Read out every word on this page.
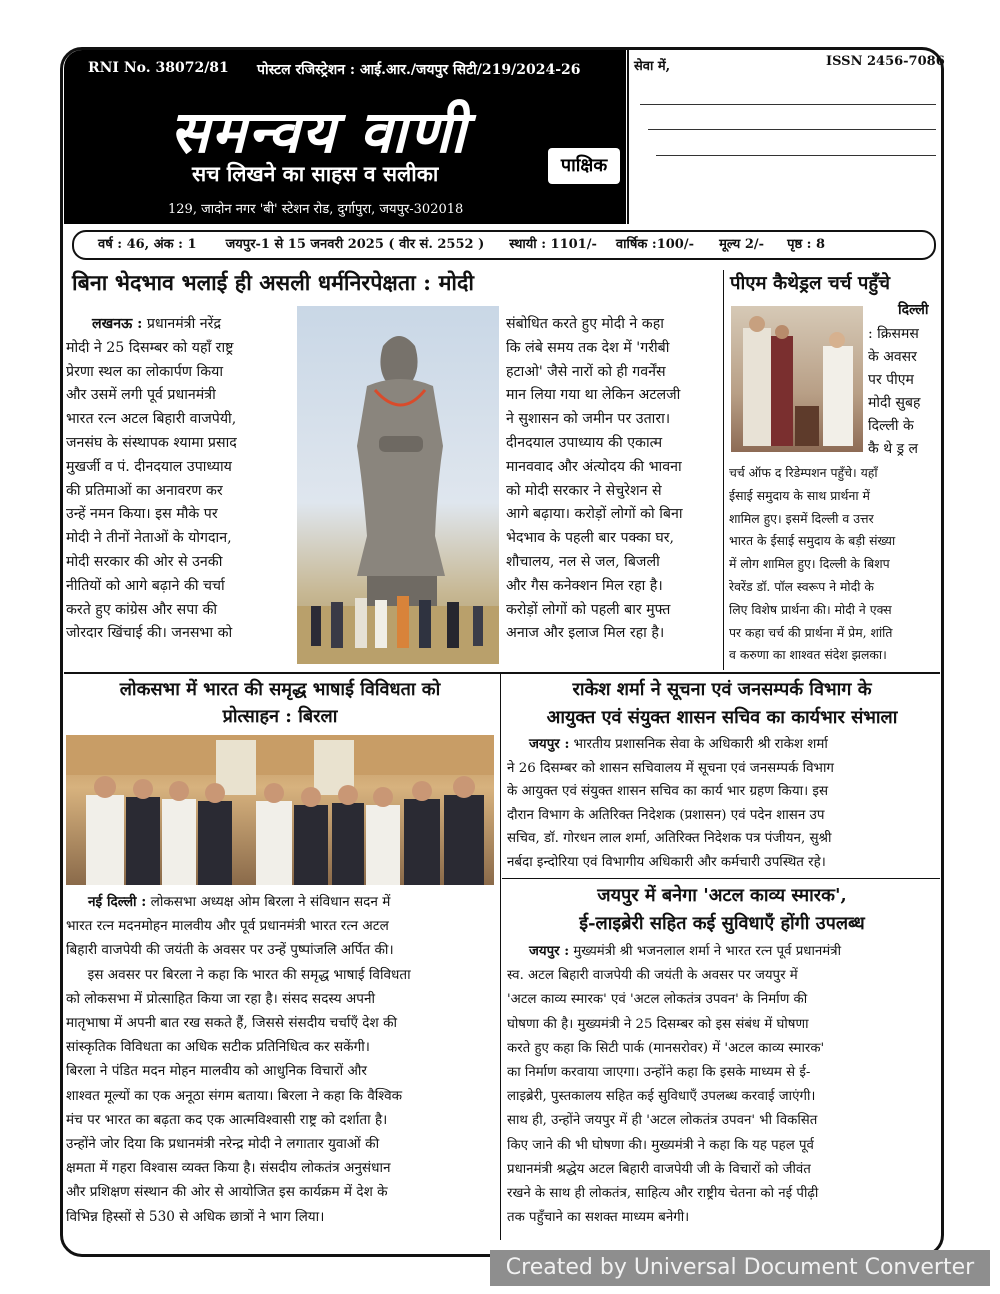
RNI No. 38072/81 पोस्टल रजिस्ट्रेशन : आई.आर./जयपुर सिटी/219/2024-26
समन्वय वाणी
सच लिखने का साहस व सलीका
129, जादोन नगर 'बी' स्टेशन रोड, दुर्गापुरा, जयपुर-302018
पाक्षिक
सेवा में,	ISSN 2456-7086
वर्ष : 46, अंक : 1 जयपुर-1 से 15 जनवरी 2025 ( वीर सं. 2552 ) स्थायी : 1101/- वार्षिक :100/- मूल्य 2/- पृष्ठ : 8
बिना भेदभाव भलाई ही असली धर्मनिरपेक्षता : मोदी
लखनऊ : प्रधानमंत्री नरेंद्र
मोदी ने 25 दिसम्बर को यहाँ राष्ट्र
प्रेरणा स्थल का लोकार्पण किया
और उसमें लगी पूर्व प्रधानमंत्री
भारत रत्न अटल बिहारी वाजपेयी,
जनसंघ के संस्थापक श्यामा प्रसाद
मुखर्जी व पं. दीनदयाल उपाध्याय
की प्रतिमाओं का अनावरण कर
उन्हें नमन किया। इस मौके पर
मोदी ने तीनों नेताओं के योगदान,
मोदी सरकार की ओर से उनकी
नीतियों को आगे बढ़ाने की चर्चा
करते हुए कांग्रेस और सपा की
जोरदार खिंचाई की। जनसभा को
संबोधित करते हुए मोदी ने कहा
कि लंबे समय तक देश में 'गरीबी
हटाओ' जैसे नारों को ही गवर्नेंस
मान लिया गया था लेकिन अटलजी
ने सुशासन को जमीन पर उतारा।
दीनदयाल उपाध्याय की एकात्म
मानववाद और अंत्योदय की भावना
को मोदी सरकार ने सेचुरेशन से
आगे बढ़ाया। करोड़ों लोगों को बिना
भेदभाव के पहली बार पक्का घर,
शौचालय, नल से जल, बिजली
और गैस कनेक्शन मिल रहा है।
करोड़ों लोगों को पहली बार मुफ्त
अनाज और इलाज मिल रहा है।
पीएम कैथेड्रल चर्च पहुँचे
दिल्ली
: क्रिसमस
के अवसर
पर पीएम
मोदी सुबह
दिल्ली के
कै थे ड्र ल
चर्च ऑफ द रिडेम्पशन पहुँचे। यहाँ
ईसाई समुदाय के साथ प्रार्थना में
शामिल हुए। इसमें दिल्ली व उत्तर
भारत के ईसाई समुदाय के बड़ी संख्या
में लोग शामिल हुए। दिल्ली के बिशप
रेवरेंड डॉ. पॉल स्वरूप ने मोदी के
लिए विशेष प्रार्थना की। मोदी ने एक्स
पर कहा चर्च की प्रार्थना में प्रेम, शांति
व करुणा का शाश्वत संदेश झलका।
लोकसभा में भारत की समृद्ध भाषाई विविधता को
प्रोत्साहन : बिरला
नई दिल्ली : लोकसभा अध्यक्ष ओम बिरला ने संविधान सदन में
भारत रत्न मदनमोहन मालवीय और पूर्व प्रधानमंत्री भारत रत्न अटल
बिहारी वाजपेयी की जयंती के अवसर पर उन्हें पुष्पांजलि अर्पित की।
इस अवसर पर बिरला ने कहा कि भारत की समृद्ध भाषाई विविधता
को लोकसभा में प्रोत्साहित किया जा रहा है। संसद सदस्य अपनी
मातृभाषा में अपनी बात रख सकते हैं, जिससे संसदीय चर्चाएँ देश की
सांस्कृतिक विविधता का अधिक सटीक प्रतिनिधित्व कर सकेंगी।
बिरला ने पंडित मदन मोहन मालवीय को आधुनिक विचारों और
शाश्वत मूल्यों का एक अनूठा संगम बताया। बिरला ने कहा कि वैश्विक
मंच पर भारत का बढ़ता कद एक आत्मविश्वासी राष्ट्र को दर्शाता है।
उन्होंने जोर दिया कि प्रधानमंत्री नरेन्द्र मोदी ने लगातार युवाओं की
क्षमता में गहरा विश्वास व्यक्त किया है। संसदीय लोकतंत्र अनुसंधान
और प्रशिक्षण संस्थान की ओर से आयोजित इस कार्यक्रम में देश के
विभिन्न हिस्सों से 530 से अधिक छात्रों ने भाग लिया।
राकेश शर्मा ने सूचना एवं जनसम्पर्क विभाग के
आयुक्त एवं संयुक्त शासन सचिव का कार्यभार संभाला
जयपुर : भारतीय प्रशासनिक सेवा के अधिकारी श्री राकेश शर्मा
ने 26 दिसम्बर को शासन सचिवालय में सूचना एवं जनसम्पर्क विभाग
के आयुक्त एवं संयुक्त शासन सचिव का कार्य भार ग्रहण किया। इस
दौरान विभाग के अतिरिक्त निदेशक (प्रशासन) एवं पदेन शासन उप
सचिव, डॉ. गोरधन लाल शर्मा, अतिरिक्त निदेशक पत्र पंजीयन, सुश्री
नर्बदा इन्दोरिया एवं विभागीय अधिकारी और कर्मचारी उपस्थित रहे।
जयपुर में बनेगा 'अटल काव्य स्मारक',
ई-लाइब्रेरी सहित कई सुविधाएँ होंगी उपलब्ध
जयपुर : मुख्यमंत्री श्री भजनलाल शर्मा ने भारत रत्न पूर्व प्रधानमंत्री
स्व. अटल बिहारी वाजपेयी की जयंती के अवसर पर जयपुर में
'अटल काव्य स्मारक' एवं 'अटल लोकतंत्र उपवन' के निर्माण की
घोषणा की है। मुख्यमंत्री ने 25 दिसम्बर को इस संबंध में घोषणा
करते हुए कहा कि सिटी पार्क (मानसरोवर) में 'अटल काव्य स्मारक'
का निर्माण करवाया जाएगा। उन्होंने कहा कि इसके माध्यम से ई-
लाइब्रेरी, पुस्तकालय सहित कई सुविधाएँ उपलब्ध करवाई जाएंगी।
साथ ही, उन्होंने जयपुर में ही 'अटल लोकतंत्र उपवन' भी विकसित
किए जाने की भी घोषणा की। मुख्यमंत्री ने कहा कि यह पहल पूर्व
प्रधानमंत्री श्रद्धेय अटल बिहारी वाजपेयी जी के विचारों को जीवंत
रखने के साथ ही लोकतंत्र, साहित्य और राष्ट्रीय चेतना को नई पीढ़ी
तक पहुँचाने का सशक्त माध्यम बनेगी।
Created by Universal Document Converter
